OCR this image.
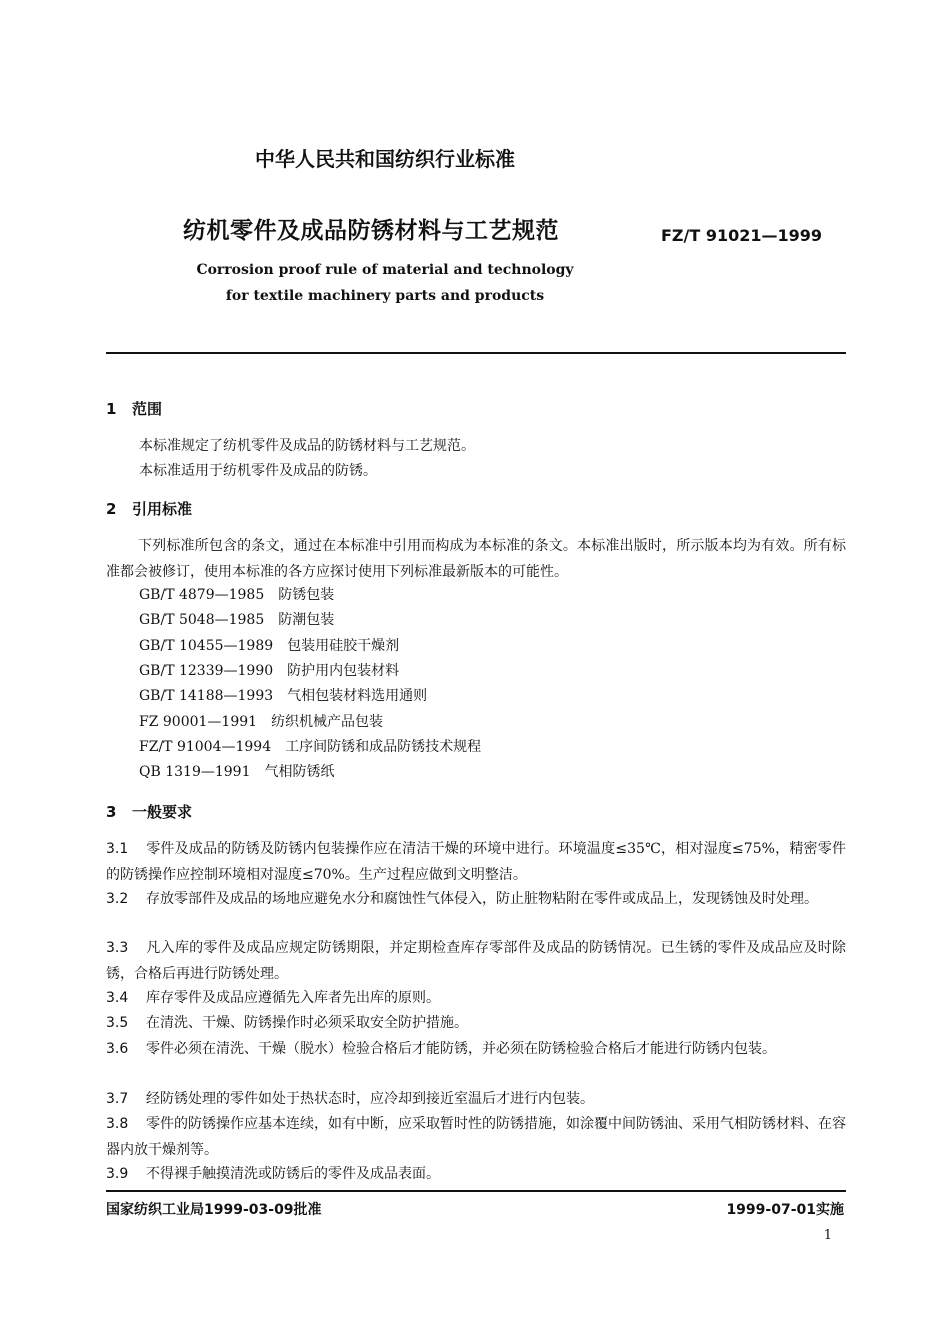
中华人民共和国纺织行业标准
纺机零件及成品防锈材料与工艺规范	FZ/T 91021—1999
Corrosion proof rule of material and technology
for textile machinery parts and products
1 范围
本标准规定了纺机零件及成品的防锈材料与工艺规范。
本标准适用于纺机零件及成品的防锈。
2 引用标准
下列标准所包含的条文，通过在本标准中引用而构成为本标准的条文。本标准出版时，所示版本均为有效。所有标准都会被修订，使用本标准的各方应探讨使用下列标准最新版本的可能性。
GB/T 4879—1985 防锈包装
GB/T 5048—1985 防潮包装
GB/T 10455—1989 包装用硅胶干燥剂
GB/T 12339—1990 防护用内包装材料
GB/T 14188—1993 气相包装材料选用通则
FZ 90001—1991 纺织机械产品包装
FZ/T 91004—1994 工序间防锈和成品防锈技术规程
QB 1319—1991 气相防锈纸
3 一般要求
3.1 零件及成品的防锈及防锈内包装操作应在清洁干燥的环境中进行。环境温度≤35℃，相对湿度≤75%，精密零件的防锈操作应控制环境相对湿度≤70%。生产过程应做到文明整洁。
3.2 存放零部件及成品的场地应避免水分和腐蚀性气体侵入，防止脏物粘附在零件或成品上，发现锈蚀及时处理。
3.3 凡入库的零件及成品应规定防锈期限，并定期检查库存零部件及成品的防锈情况。已生锈的零件及成品应及时除锈，合格后再进行防锈处理。
3.4 库存零件及成品应遵循先入库者先出库的原则。
3.5 在清洗、干燥、防锈操作时必须采取安全防护措施。
3.6 零件必须在清洗、干燥（脱水）检验合格后才能防锈，并必须在防锈检验合格后才能进行防锈内包装。
3.7 经防锈处理的零件如处于热状态时，应冷却到接近室温后才进行内包装。
3.8 零件的防锈操作应基本连续，如有中断，应采取暂时性的防锈措施，如涂覆中间防锈油、采用气相防锈材料、在容器内放干燥剂等。
3.9 不得裸手触摸清洗或防锈后的零件及成品表面。
国家纺织工业局1999-03-09批准	1999-07-01实施
1
